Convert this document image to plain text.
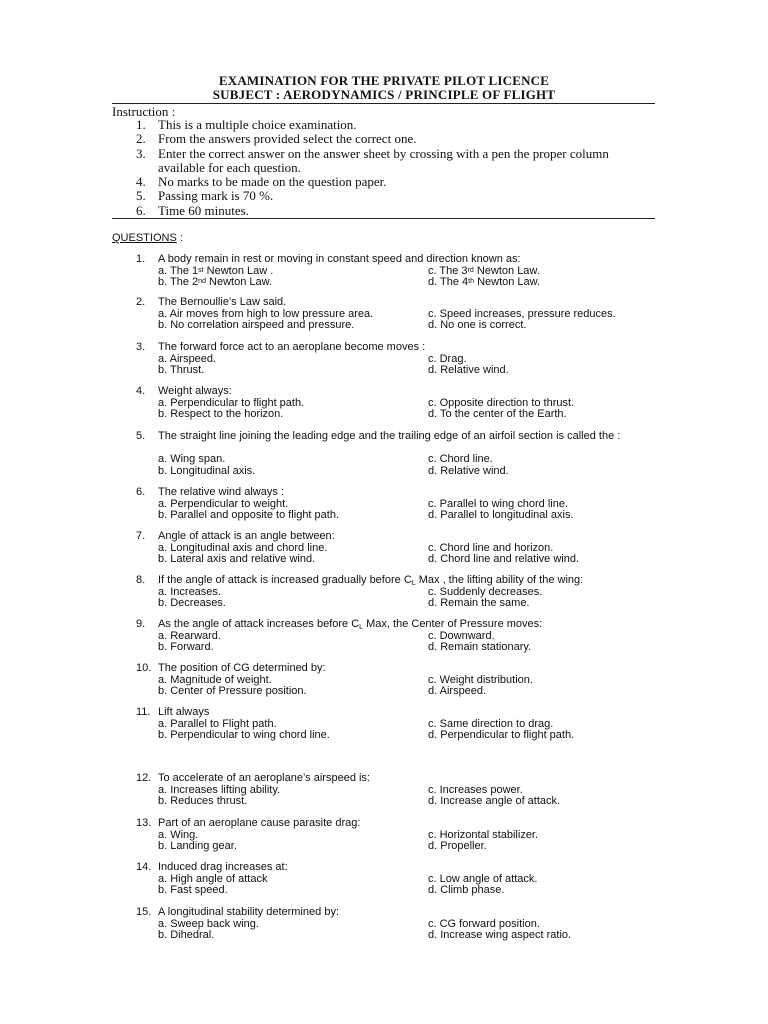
EXAMINATION FOR THE PRIVATE PILOT LICENCE
SUBJECT : AERODYNAMICS / PRINCIPLE OF FLIGHT
Instruction :
1. This is a multiple choice examination.
2. From the answers provided select the correct one.
3. Enter the correct answer on the answer sheet by crossing with a pen the proper column available for each question.
4. No marks to be made on the question paper.
5. Passing mark is 70 %.
6. Time 60 minutes.
QUESTIONS :
1. A body remain in rest or moving in constant speed and direction known as:
a. The 1st Newton Law .	c. The 3rd Newton Law.
b. The 2nd Newton Law.	d. The 4th Newton Law.
2. The Bernoullie’s Law said.
a. Air moves from high to low pressure area.	c. Speed increases, pressure reduces.
b. No correlation airspeed and pressure.	d. No one is correct.
3. The forward force act to an aeroplane become moves :
a. Airspeed.	c. Drag.
b. Thrust.	d. Relative wind.
4. Weight always:
a. Perpendicular to flight path.	c. Opposite direction to thrust.
b. Respect to the horizon.	d. To the center of the Earth.
5. The straight line joining the leading edge and the trailing edge of an airfoil section is called the :
a. Wing span.	c. Chord line.
b. Longitudinal axis.	d. Relative wind.
6. The relative wind always :
a. Perpendicular to weight.	c. Parallel to wing chord line.
b. Parallel and opposite to flight path.	d. Parallel to longitudinal axis.
7. Angle of attack is an angle between:
a. Longitudinal axis and chord line.	c. Chord line and horizon.
b. Lateral axis and relative wind.	d. Chord line and relative wind.
8. If the angle of attack is increased gradually before $C_L$ Max , the lifting ability of the wing:
a. Increases.	c. Suddenly decreases.
b. Decreases.	d. Remain the same.
9. As the angle of attack increases before $C_L$ Max, the Center of Pressure moves:
a. Rearward.	c. Downward.
b. Forward.	d. Remain stationary.
10. The position of CG determined by:
a. Magnitude of weight.	c. Weight distribution.
b. Center of Pressure position.	d. Airspeed.
11. Lift always
a. Parallel to Flight path.	c. Same direction to drag.
b. Perpendicular to wing chord line.	d. Perpendicular to flight path.
12. To accelerate of an aeroplane’s airspeed is:
a. Increases lifting ability.	c. Increases power.
b. Reduces thrust.	d. Increase angle of attack.
13. Part of an aeroplane cause parasite drag:
a. Wing.	c. Horizontal stabilizer.
b. Landing gear.	d. Propeller.
14. Induced drag increases at:
a. High angle of attack	c. Low angle of attack.
b. Fast speed.	d. Climb phase.
15. A longitudinal stability determined by:
a. Sweep back wing.	c. CG forward position.
b. Dihedral.	d. Increase wing aspect ratio.
